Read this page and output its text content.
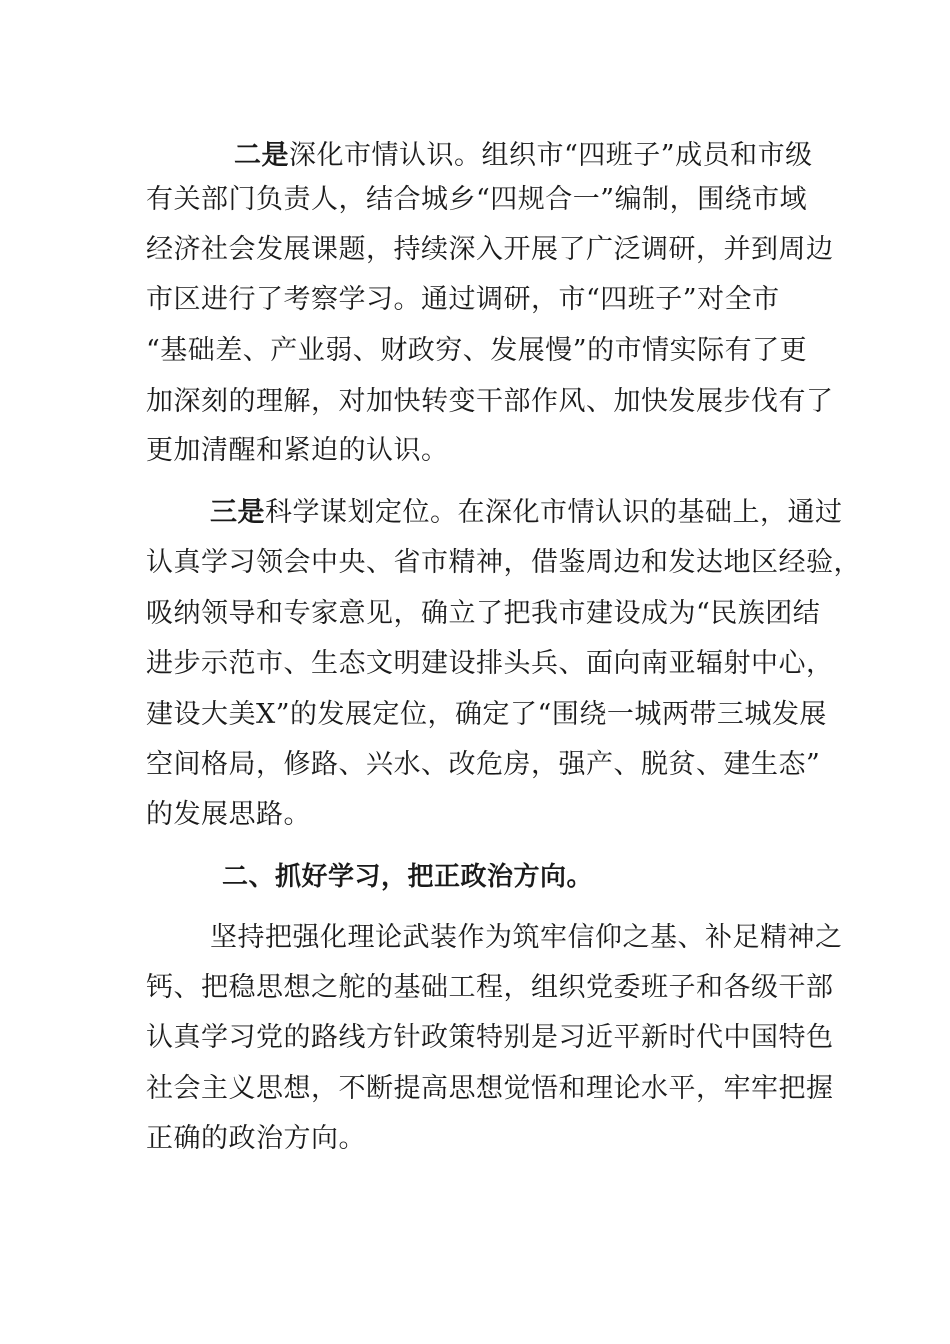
二是深化市情认识。组织市“四班子”成员和市级
有关部门负责人，结合城乡“四规合一”编制，围绕市域
经济社会发展课题，持续深入开展了广泛调研，并到周边
市区进行了考察学习。通过调研，市“四班子”对全市
“基础差、产业弱、财政穷、发展慢”的市情实际有了更
加深刻的理解，对加快转变干部作风、加快发展步伐有了
更加清醒和紧迫的认识。
三是科学谋划定位。在深化市情认识的基础上，通过
认真学习领会中央、省市精神，借鉴周边和发达地区经验，
吸纳领导和专家意见，确立了把我市建设成为“民族团结
进步示范市、生态文明建设排头兵、面向南亚辐射中心，
建设大美X”的发展定位，确定了“围绕一城两带三城发展
空间格局，修路、兴水、改危房，强产、脱贫、建生态”
的发展思路。
二、抓好学习，把正政治方向。
坚持把强化理论武装作为筑牢信仰之基、补足精神之
钙、把稳思想之舵的基础工程，组织党委班子和各级干部
认真学习党的路线方针政策特别是习近平新时代中国特色
社会主义思想，不断提高思想觉悟和理论水平，牢牢把握
正确的政治方向。
